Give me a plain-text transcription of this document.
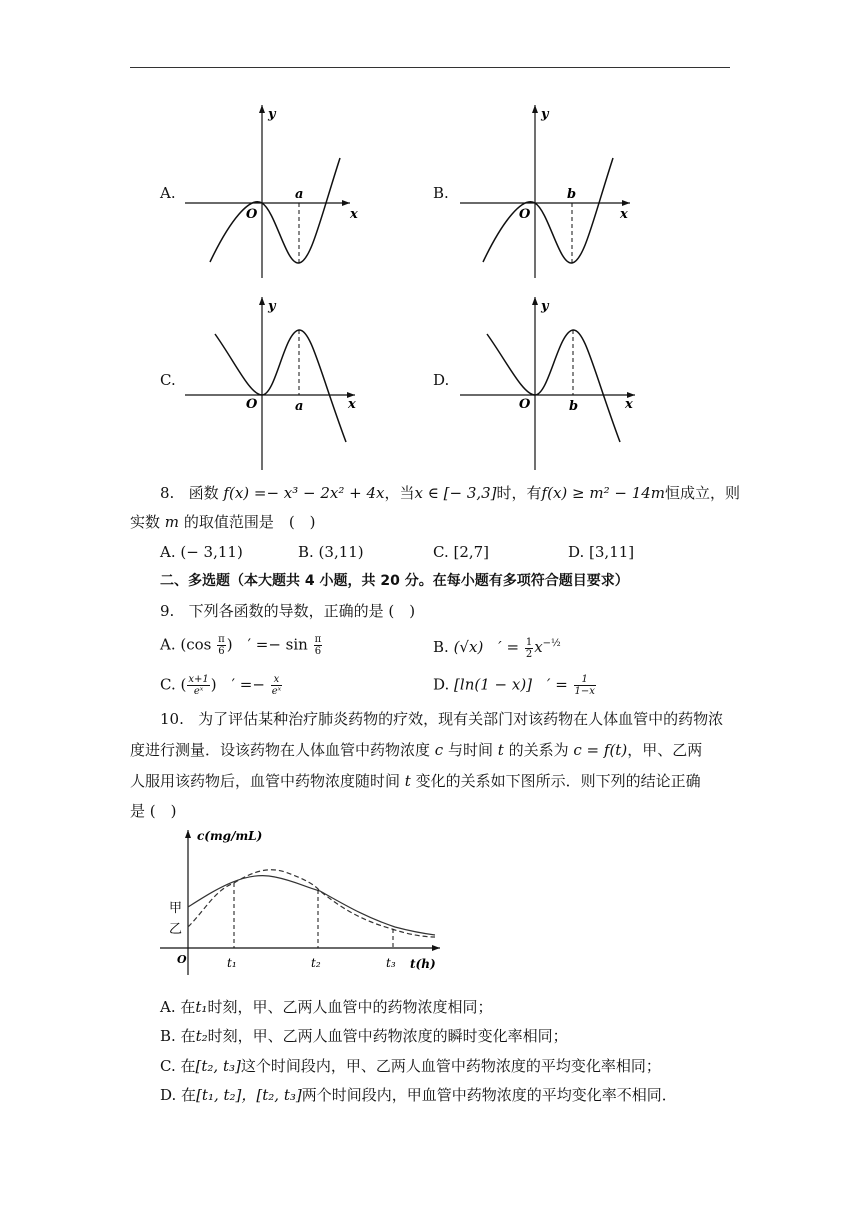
A.
y
x
O
a	B.
y
x
O
b
C.
y
x
O	a
D.
y
x
O	b
8. 函数 f(x) =− x³ − 2x² + 4x，当x ∈ [− 3,3]时，有f(x) ≥ m² − 14m恒成立，则
实数 m 的取值范围是　(　)
A. (− 3,11)	B. (3,11)	C. [2,7]	D. [3,11]
二、多选题（本大题共 4 小题，共 20 分。在每小题有多项符合题目要求）
9. 下列各函数的导数，正确的是 (　)
A. ($\cos \frac{\pi}{6}$ )　′ =− $\sin \frac{\pi}{6}$	B. (√x)　′ = $\frac{1}{2} x^{-\frac{1}{2}}$
C. ( $\frac{x+1}{\text{eˣ}}$ )　′ =− $\frac{x}{\text{eˣ}}$	D. [ln(1 − x)]　′ = $\frac{1}{1-x}$
10. 为了评估某种治疗肺炎药物的疗效，现有关部门对该药物在人体血管中的药物浓
度进行测量．设该药物在人体血管中药物浓度 c 与时间 t 的关系为 c = f(t)，甲、乙两
人服用该药物后，血管中药物浓度随时间 t 变化的关系如下图所示．则下列的结论正确
是 (　)
c(mg/mL)
t(h)
O
甲
乙
t₁	t₂	t₃
A. 在t₁时刻，甲、乙两人血管中的药物浓度相同；
B. 在t₂时刻，甲、乙两人血管中药物浓度的瞬时变化率相同；
C. 在[t₂, t₃]这个时间段内，甲、乙两人血管中药物浓度的平均变化率相同；
D. 在[t₁, t₂]，[t₂, t₃]两个时间段内，甲血管中药物浓度的平均变化率不相同．
